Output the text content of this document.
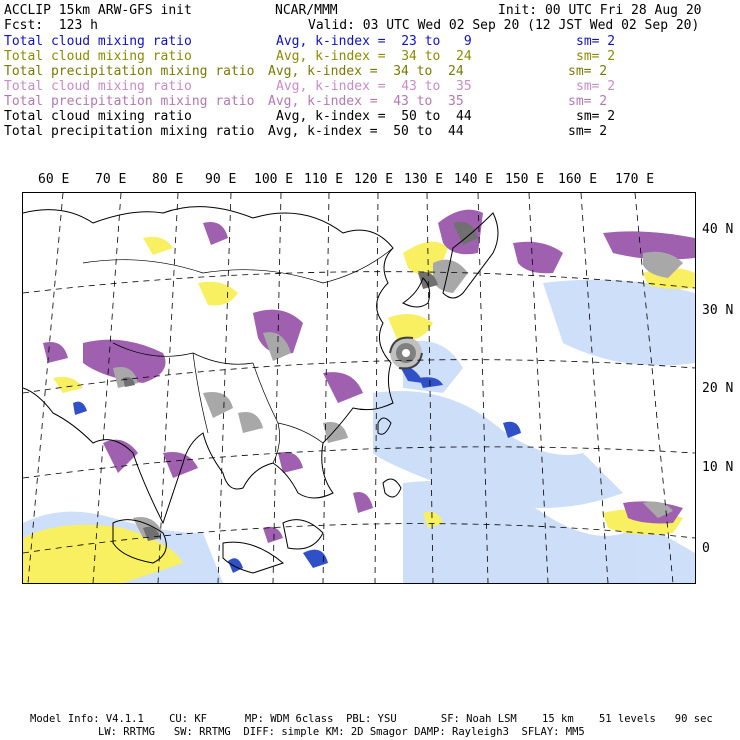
ACCLIP 15km ARW-GFS init	NCAR/MMM	Init: 00 UTC Fri 28 Aug 20
Fcst:  123 h	Valid: 03 UTC Wed 02 Sep 20 (12 JST Wed 02 Sep 20)
Total cloud mixing ratio	Avg, k-index =  23 to   9	sm= 2
Total cloud mixing ratio	Avg, k-index =  34 to  24	sm= 2
Total precipitation mixing ratio Avg, k-index =  34 to  24	sm= 2
Total cloud mixing ratio	Avg, k-index =  43 to  35	sm= 2
Total precipitation mixing ratio Avg, k-index =  43 to  35	sm= 2
Total cloud mixing ratio	Avg, k-index =  50 to  44	sm= 2
Total precipitation mixing ratio Avg, k-index =  50 to  44	sm= 2
60 E 70 E 80 E 90 E 100 E 110 E 120 E 130 E 140 E 150 E 160 E 170 E
40 N
30 N
20 N
10 N
0
Model Info: V4.1.1    CU: KF      MP: WDM 6class  PBL: YSU       SF: Noah LSM    15 km    51 levels   90 sec
LW: RRTMG   SW: RRTMG  DIFF: simple KM: 2D Smagor DAMP: Rayleigh3  SFLAY: MM5
